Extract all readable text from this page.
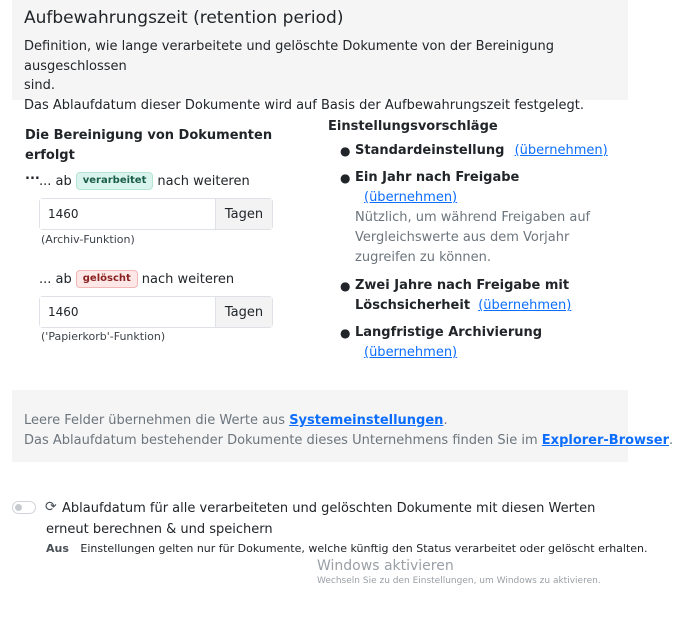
Aufbewahrungszeit (retention period)
Definition, wie lange verarbeitete und gelöschte Dokumente von der Bereinigung ausgeschlossen
sind.
Das Ablaufdatum dieser Dokumente wird auf Basis der Aufbewahrungszeit festgelegt.
Die Bereinigung von Dokumenten erfolgt
... ... ab	verarbeitet nach weiteren
1460
Tagen
(Archiv-Funktion)
... ab	gelöscht nach weiteren
1460
Tagen
('Papierkorb'-Funktion)
Einstellungsvorschläge
● Standardeinstellung (übernehmen)
● Ein Jahr nach Freigabe
(übernehmen)
Nützlich, um während Freigaben auf Vergleichswerte aus dem Vorjahr zugreifen zu können.
● Zwei Jahre nach Freigabe mit
Löschsicherheit (übernehmen)
● Langfristige Archivierung
(übernehmen)
Leere Felder übernehmen die Werte aus Systemeinstellungen.
Das Ablaufdatum bestehender Dokumente dieses Unternehmens finden Sie im Explorer-Browser.
⟳ Ablaufdatum für alle verarbeiteten und gelöschten Dokumente mit diesen Werten erneut berechnen & und speichern
Aus Einstellungen gelten nur für Dokumente, welche künftig den Status verarbeitet oder gelöscht erhalten.
Windows aktivieren
Wechseln Sie zu den Einstellungen, um Windows zu aktivieren.
